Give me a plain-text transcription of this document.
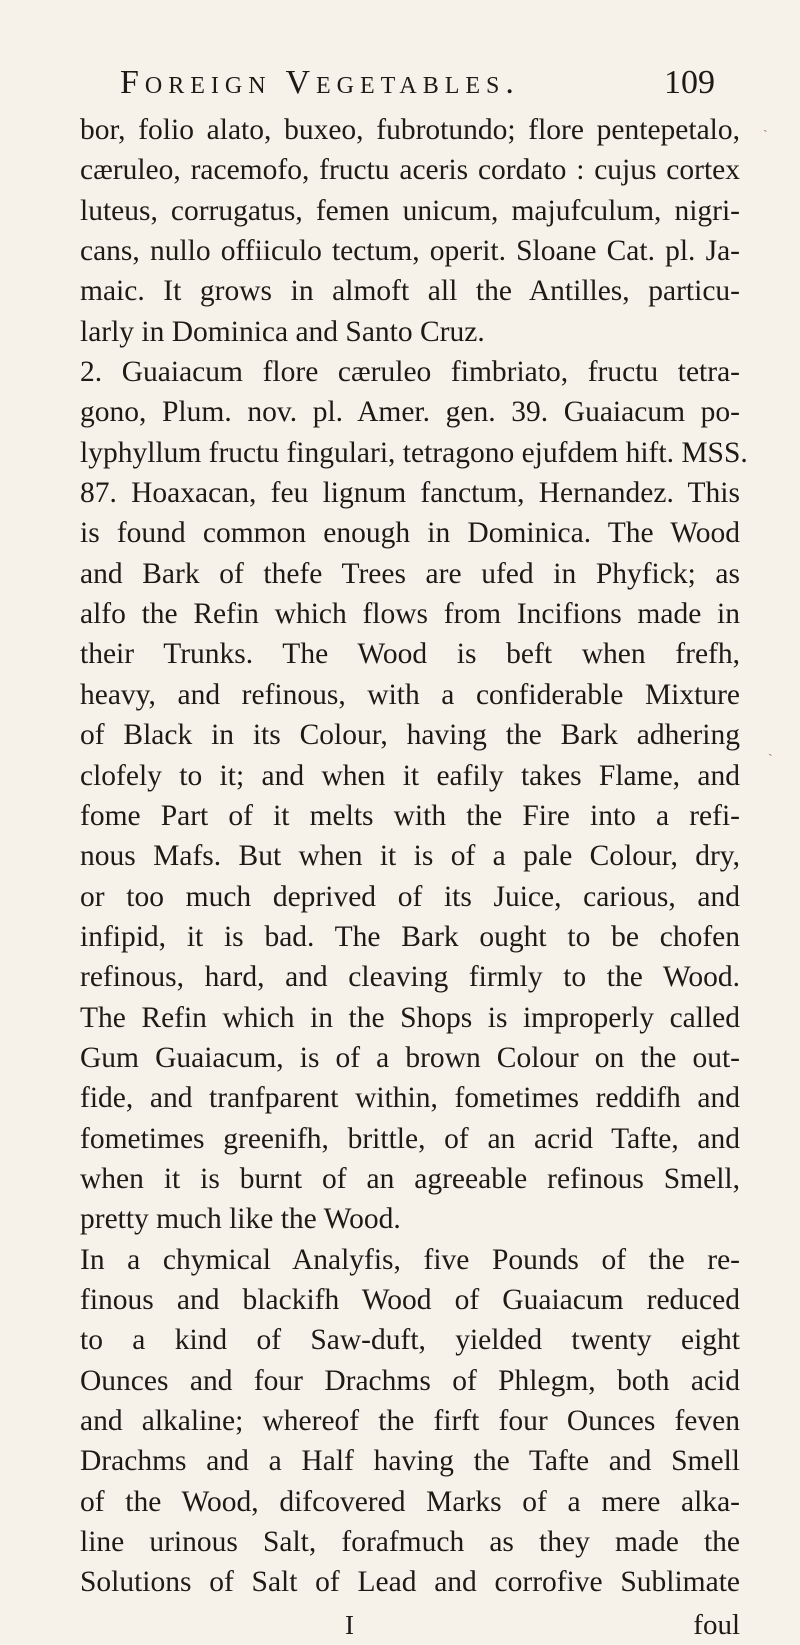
Foreign Vegetables.	109
bor, folio alato, buxeo, fubrotundo; flore pentepetalo,
cæruleo, racemofo, fructu aceris cordato : cujus cortex
luteus, corrugatus, femen unicum, majufculum, nigri-
cans, nullo offiiculo tectum, operit. Sloane Cat. pl. Ja-
maic. It grows in almoft all the Antilles, particu-
larly in Dominica and Santo Cruz.
2. Guaiacum flore cæruleo fimbriato, fructu tetra-
gono, Plum. nov. pl. Amer. gen. 39. Guaiacum po-
lyphyllum fructu fingulari, tetragono ejufdem hift. MSS.
87. Hoaxacan, feu lignum fanctum, Hernandez. This
is found common enough in Dominica. The Wood
and Bark of thefe Trees are ufed in Phyfick; as
alfo the Refin which flows from Incifions made in
their Trunks. The Wood is beft when frefh,
heavy, and refinous, with a confiderable Mixture
of Black in its Colour, having the Bark adhering
clofely to it; and when it eafily takes Flame, and
fome Part of it melts with the Fire into a refi-
nous Mafs. But when it is of a pale Colour, dry,
or too much deprived of its Juice, carious, and
infipid, it is bad. The Bark ought to be chofen
refinous, hard, and cleaving firmly to the Wood.
The Refin which in the Shops is improperly called
Gum Guaiacum, is of a brown Colour on the out-
fide, and tranfparent within, fometimes reddifh and
fometimes greenifh, brittle, of an acrid Tafte, and
when it is burnt of an agreeable refinous Smell,
pretty much like the Wood.
In a chymical Analyfis, five Pounds of the re-
finous and blackifh Wood of Guaiacum reduced
to a kind of Saw-duft, yielded twenty eight
Ounces and four Drachms of Phlegm, both acid
and alkaline; whereof the firft four Ounces feven
Drachms and a Half having the Tafte and Smell
of the Wood, difcovered Marks of a mere alka-
line urinous Salt, forafmuch as they made the
Solutions of Salt of Lead and corrofive Sublimate
I	foul
ˎ
ˎ
